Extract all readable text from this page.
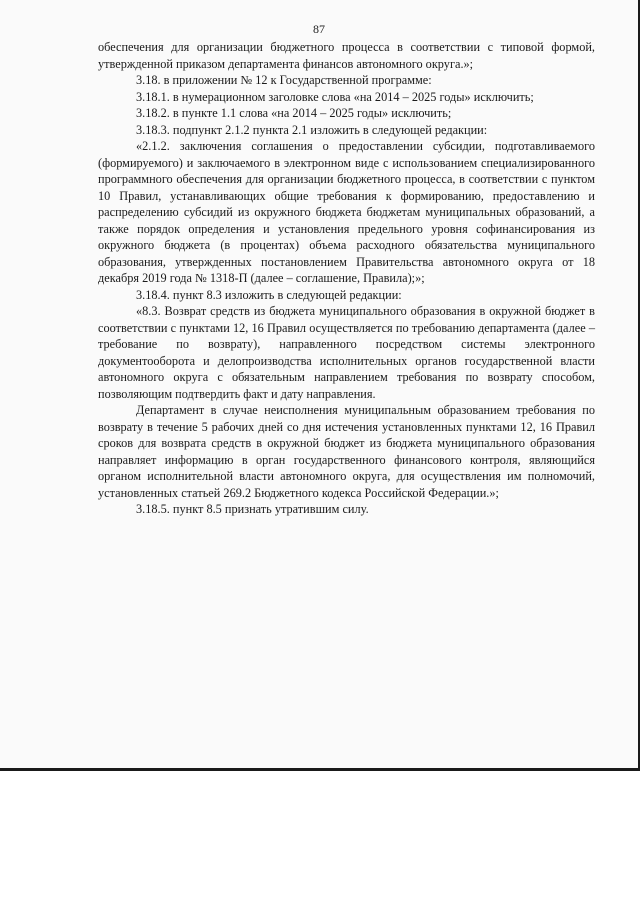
87

обеспечения для организации бюджетного процесса в соответствии с типовой формой, утвержденной приказом департамента финансов автономного округа.»;

3.18. в приложении № 12 к Государственной программе:

3.18.1. в нумерационном заголовке слова «на 2014 – 2025 годы» исключить;

3.18.2. в пункте 1.1 слова «на 2014 – 2025 годы» исключить;

3.18.3. подпункт 2.1.2 пункта 2.1 изложить в следующей редакции:

«2.1.2. заключения соглашения о предоставлении субсидии, подготавливаемого (формируемого) и заключаемого в электронном виде с использованием специализированного программного обеспечения для организации бюджетного процесса, в соответствии с пунктом 10 Правил, устанавливающих общие требования к формированию, предоставлению и распределению субсидий из окружного бюджета бюджетам муниципальных образований, а также порядок определения и установления предельного уровня софинансирования из окружного бюджета (в процентах) объема расходного обязательства муниципального образования, утвержденных постановлением Правительства автономного округа от 18 декабря 2019 года № 1318-П (далее – соглашение, Правила);»;

3.18.4. пункт 8.3 изложить в следующей редакции:

«8.3. Возврат средств из бюджета муниципального образования в окружной бюджет в соответствии с пунктами 12, 16 Правил осуществляется по требованию департамента (далее – требование по возврату), направленного посредством системы электронного документооборота и делопроизводства исполнительных органов государственной власти автономного округа с обязательным направлением требования по возврату способом, позволяющим подтвердить факт и дату направления.

Департамент в случае неисполнения муниципальным образованием требования по возврату в течение 5 рабочих дней со дня истечения установленных пунктами 12, 16 Правил сроков для возврата средств в окружной бюджет из бюджета муниципального образования направляет информацию в орган государственного финансового контроля, являющийся органом исполнительной власти автономного округа, для осуществления им полномочий, установленных статьей 269.2 Бюджетного кодекса Российской Федерации.»;

3.18.5. пункт 8.5 признать утратившим силу.
